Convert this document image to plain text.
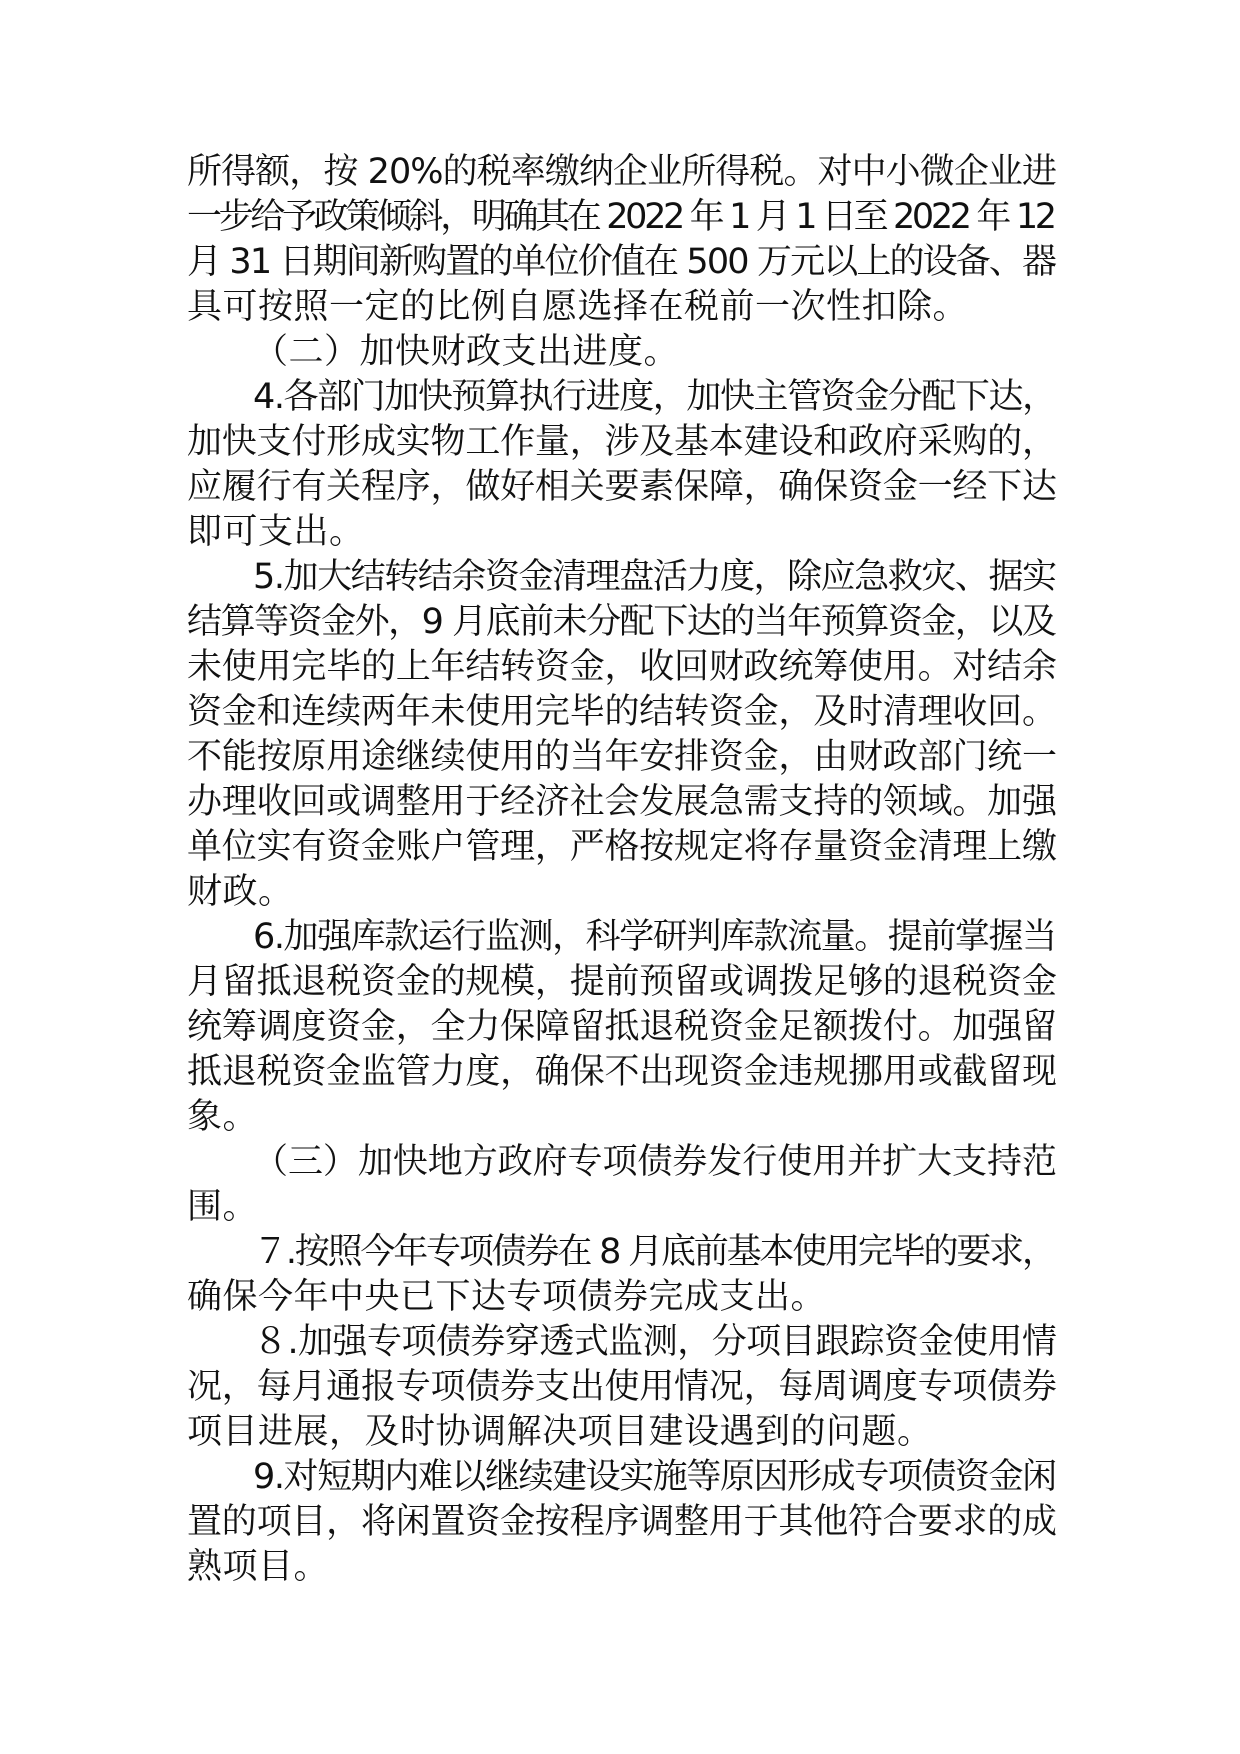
所得额，按 20%的税率缴纳企业所得税。对中小微企业进
一步给予政策倾斜，明确其在 2022 年 1 月 1 日至 2022 年 12
月 31 日期间新购置的单位价值在 500 万元以上的设备、器
具可按照一定的比例自愿选择在税前一次性扣除。
（二）加快财政支出进度。
4.各部门加快预算执行进度，加快主管资金分配下达，
加快支付形成实物工作量，涉及基本建设和政府采购的，
应履行有关程序，做好相关要素保障，确保资金一经下达
即可支出。
5.加大结转结余资金清理盘活力度，除应急救灾、据实
结算等资金外，9 月底前未分配下达的当年预算资金，以及
未使用完毕的上年结转资金，收回财政统筹使用。对结余
资金和连续两年未使用完毕的结转资金，及时清理收回。
不能按原用途继续使用的当年安排资金，由财政部门统一
办理收回或调整用于经济社会发展急需支持的领域。加强
单位实有资金账户管理，严格按规定将存量资金清理上缴
财政。
6.加强库款运行监测，科学研判库款流量。提前掌握当
月留抵退税资金的规模，提前预留或调拨足够的退税资金
统筹调度资金，全力保障留抵退税资金足额拨付。加强留
抵退税资金监管力度，确保不出现资金违规挪用或截留现
象。
（三）加快地方政府专项债券发行使用并扩大支持范
围。
７.按照今年专项债券在 8 月底前基本使用完毕的要求，
确保今年中央已下达专项债券完成支出。
８.加强专项债券穿透式监测，分项目跟踪资金使用情
况，每月通报专项债券支出使用情况，每周调度专项债券
项目进展，及时协调解决项目建设遇到的问题。
9.对短期内难以继续建设实施等原因形成专项债资金闲
置的项目，将闲置资金按程序调整用于其他符合要求的成
熟项目。
